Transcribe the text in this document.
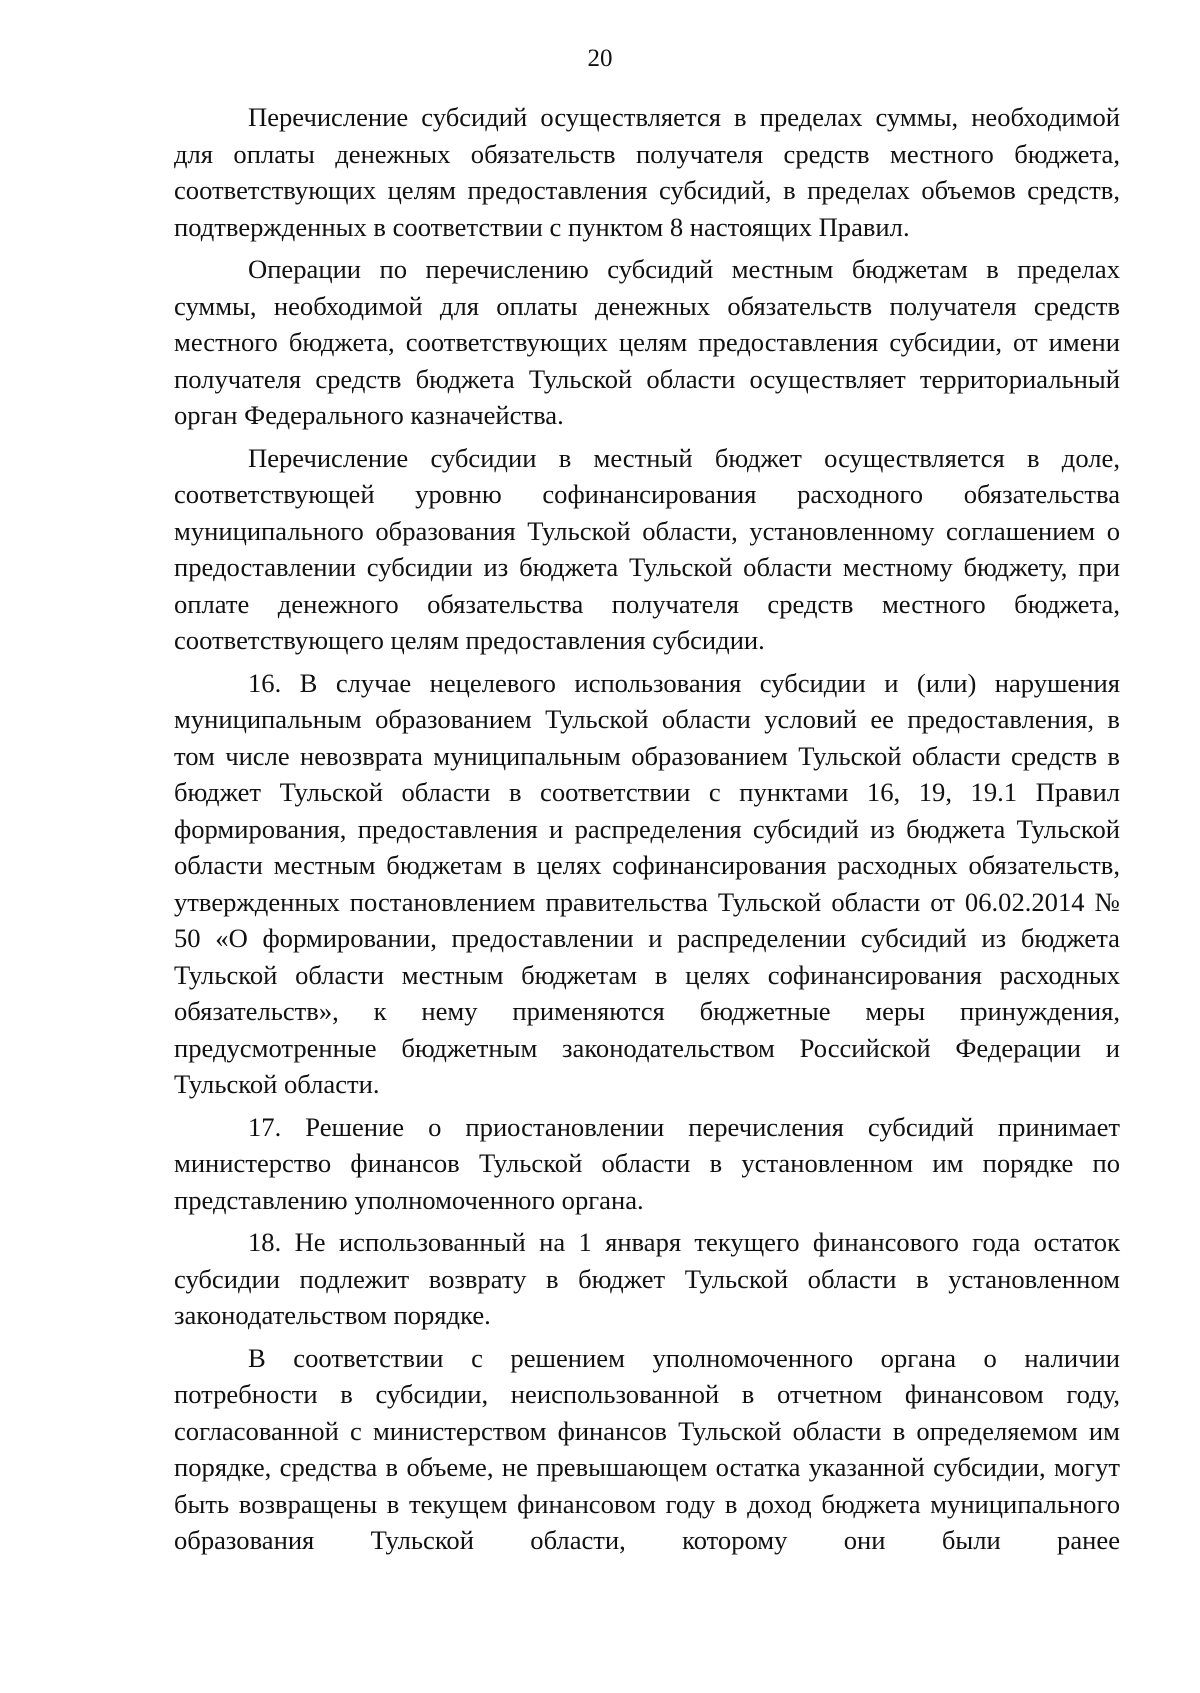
20

Перечисление субсидий осуществляется в пределах суммы, необходимой для оплаты денежных обязательств получателя средств местного бюджета, соответствующих целям предоставления субсидий, в пределах объемов средств, подтвержденных в соответствии с пунктом 8 настоящих Правил.

Операции по перечислению субсидий местным бюджетам в пределах суммы, необходимой для оплаты денежных обязательств получателя средств местного бюджета, соответствующих целям предоставления субсидии, от имени получателя средств бюджета Тульской области осуществляет территориальный орган Федерального казначейства.

Перечисление субсидии в местный бюджет осуществляется в доле, соответствующей уровню софинансирования расходного обязательства муниципального образования Тульской области, установленному соглашением о предоставлении субсидии из бюджета Тульской области местному бюджету, при оплате денежного обязательства получателя средств местного бюджета, соответствующего целям предоставления субсидии.

16. В случае нецелевого использования субсидии и (или) нарушения муниципальным образованием Тульской области условий ее предоставления, в том числе невозврата муниципальным образованием Тульской области средств в бюджет Тульской области в соответствии с пунктами 16, 19, 19.1 Правил формирования, предоставления и распределения субсидий из бюджета Тульской области местным бюджетам в целях софинансирования расходных обязательств, утвержденных постановлением правительства Тульской области от 06.02.2014 № 50 «О формировании, предоставлении и распределении субсидий из бюджета Тульской области местным бюджетам в целях софинансирования расходных обязательств», к нему применяются бюджетные меры принуждения, предусмотренные бюджетным законодательством Российской Федерации и Тульской области.

17. Решение о приостановлении перечисления субсидий принимает министерство финансов Тульской области в установленном им порядке по представлению уполномоченного органа.

18. Не использованный на 1 января текущего финансового года остаток субсидии подлежит возврату в бюджет Тульской области в установленном законодательством порядке.

В соответствии с решением уполномоченного органа о наличии потребности в субсидии, неиспользованной в отчетном финансовом году, согласованной с министерством финансов Тульской области в определяемом им порядке, средства в объеме, не превышающем остатка указанной субсидии, могут быть возвращены в текущем финансовом году в доход бюджета муниципального образования Тульской области, которому они были ранее
